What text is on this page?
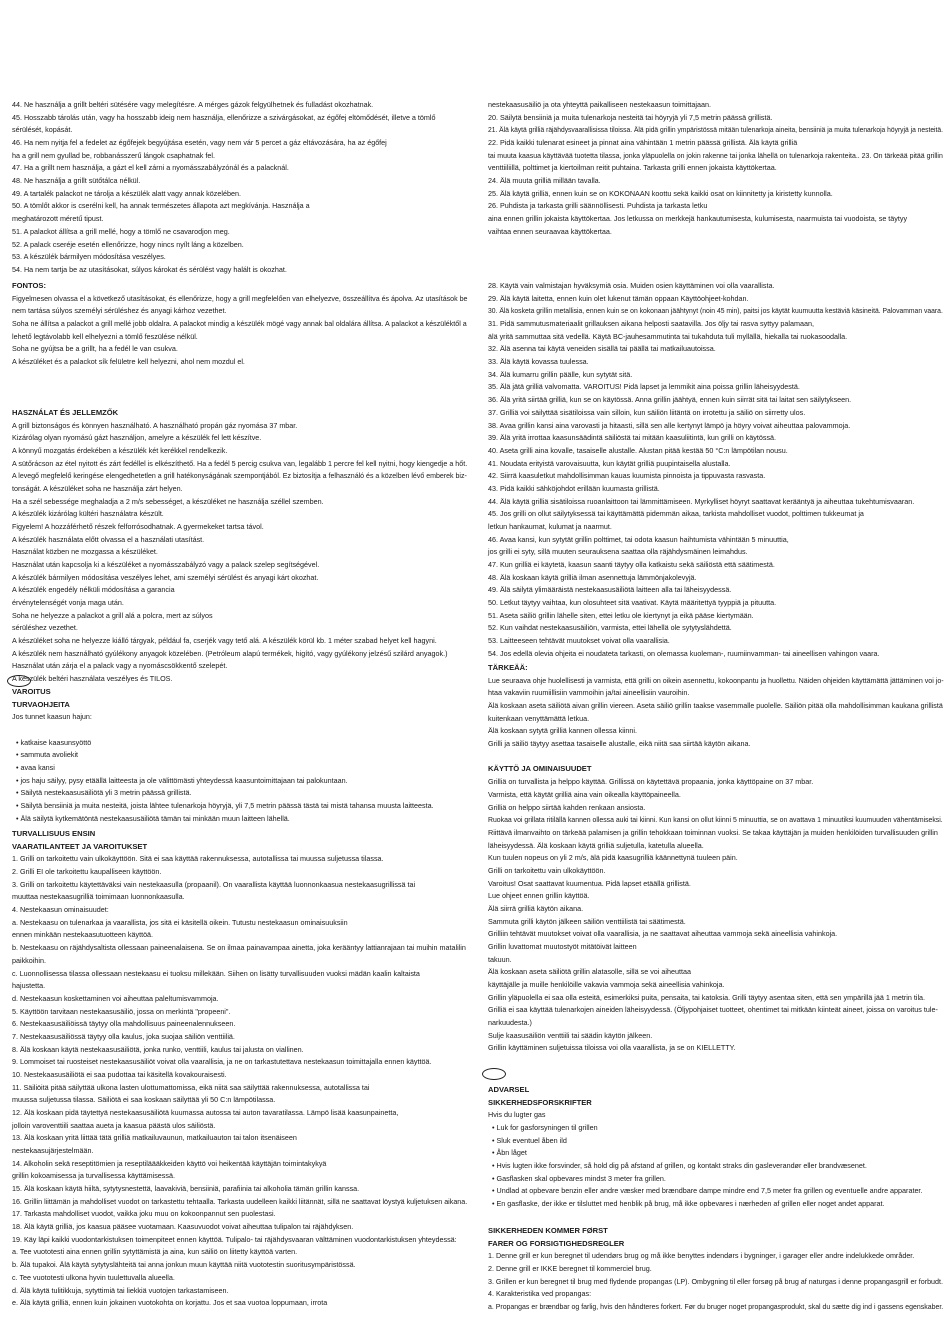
44. Ne használja a grillt beltéri sütésére vagy melegítésre. A mérges gázok felgyülhetnek és fulladást okozhatnak.
45. Hosszabb tárolás után, vagy ha hosszabb ideig nem használja, ellenőrizze a szivárgásokat, az égőfej eltömődését, illetve a tömlő
sérülését, kopását.
46. Ha nem nyitja fel a fedelet az égőfejek begyújtása esetén, vagy nem vár 5 percet a gáz eltávozására, ha az égőfej
ha a grill nem gyullad be, robbanásszerű lángok csaphatnak fel.
47. Ha a grillt nem használja, a gázt el kell zárni a nyomásszabályzónál és a palacknál.
48. Ne használja a grillt sütőtálca nélkül.
49. A tartalék palackot ne tárolja a készülék alatt vagy annak közelében.
50. A tömlőt akkor is cserélni kell, ha annak természetes állapota azt megkívánja. Használja a
meghatározott méretű tipust.
51. A palackot állítsa a grill mellé, hogy a tömlő ne csavarodjon meg.
52. A palack cseréje esetén ellenőrizze, hogy nincs nyílt láng a közelben.
53. A készülék bármilyen módosítása veszélyes.
54. Ha nem tartja be az utasításokat, súlyos károkat és sérülést vagy halált is okozhat.
FONTOS:
Figyelmesen olvassa el a következő utasításokat, és ellenőrizze, hogy a grill megfelelően van elhelyezve, összeállítva és ápolva. Az utasítások be
nem tartása súlyos személyi sérüléshez és anyagi kárhoz vezethet.
Soha ne állítsa a palackot a grill mellé jobb oldalra. A palackot mindig a készülék mögé vagy annak bal oldalára állítsa. A palackot a készüléktől a
lehető legtávolabb kell elhelyezni a tömlő feszülése nélkül.
Soha ne gyújtsa be a grillt, ha a fedél le van csukva.
A készüléket és a palackot sík felületre kell helyezni, ahol nem mozdul el.
HASZNÁLAT ÉS JELLEMZŐK
A grill biztonságos és könnyen használható. A használható propán gáz nyomása 37 mbar.
Kizárólag olyan nyomású gázt használjon, amelyre a készülék fel lett készítve.
A könnyű mozgatás érdekében a készülék két kerékkel rendelkezik.
A sütőrácson az étel nyitott és zárt fedéllel is elkészíthető. Ha a fedél 5 percig csukva van, legalább 1 percre fel kell nyitni, hogy kiengedje a hőt.
A levegő megfelelő keringése elengedhetetlen a grill hatékonyságának szempontjából. Ez biztosítja a felhasználó és a közelben lévő emberek biz-
tonságát. A készüléket soha ne használja zárt helyen.
Ha a szél sebessége meghaladja a 2 m/s sebességet, a készüléket ne használja széllel szemben.
A készülék kizárólag kültéri használatra készült.
Figyelem! A hozzáférhető részek felforrósodhatnak. A gyermekeket tartsa távol.
A készülék használata előtt olvassa el a használati utasítást.
Használat közben ne mozgassa a készüléket.
Használat után kapcsolja ki a készüléket a nyomásszabályzó vagy a palack szelep segítségével.
A készülék bármilyen módosítása veszélyes lehet, ami személyi sérülést és anyagi kárt okozhat.
A készülék engedély nélküli módosítása a garancia
érvénytelenségét vonja maga után.
Soha ne helyezze a palackot a grill alá a polcra, mert az súlyos
sérüléshez vezethet.
A készüléket soha ne helyezze kiálló tárgyak, például fa, cserjék vagy tető alá. A készülék körül kb. 1 méter szabad helyet kell hagyni.
A készülék nem használható gyúlékony anyagok közelében. (Petróleum alapú termékek, higító, vagy gyúlékony jelzésű szilárd anyagok.)
Használat után zárja el a palack vagy a nyomáscsökkentő szelepét.
A készülék beltéri használata veszélyes és TILOS.
VAROITUS
TURVAOHJEITA
Jos tunnet kaasun hajun:
• katkaise kaasunsyöttö
• sammuta avoliekit
• avaa kansi
• jos haju säilyy, pysy etäällä laitteesta ja ole välittömästi yhteydessä kaasuntoimittajaan tai palokuntaan.
• Säilytä nestekaasusäiliötä yli 3 metrin päässä grillistä.
• Säilytä bensiiniä ja muita nesteitä, joista lähtee tulenarkoja höyryjä, yli 7,5 metrin päässä tästä tai mistä tahansa muusta laitteesta.
• Älä säilytä kytkemätöntä nestekaasusäiliötä tämän tai minkään muun laitteen lähellä.
TURVALLISUUS ENSIN
VAARATILANTEET JA VAROITUKSET
1. Grilli on tarkoitettu vain ulkokäyttöön. Sitä ei saa käyttää rakennuksessa, autotallissa tai muussa suljetussa tilassa.
2. Grilli EI ole tarkoitettu kaupalliseen käyttöön.
3. Grilli on tarkoitettu käytettäväksi vain nestekaasulla (propaanil). On vaarallista käyttää luonnonkaasua nestekaasugrillissä tai
muuttaa nestekaasugrilliä toimimaan luonnonkaasulla.
4. Nestekaasun ominaisuudet:
a. Nestekaasu on tulenarkaa ja vaarallista, jos sitä ei käsitellä oikein. Tutustu nestekaasun ominaisuuksiin
ennen minkään nestekaasutuotteen käyttöä.
b. Nestekaasu on räjähdysaltista ollessaan paineenalaisena. Se on ilmaa painavampaa ainetta, joka kerääntyy lattianrajaan tai muihin matalilin
paikkoihin.
c. Luonnollisessa tilassa ollessaan nestekaasu ei tuoksu millekään. Siihen on lisätty turvallisuuden vuoksi mädän kaalin kaltaista
hajustetta.
d. Nestekaasun koskettaminen voi aiheuttaa paleltumisvammoja.
5. Käyttöön tarvitaan nestekaasusäiliö, jossa on merkintä "propeeni".
6. Nestekaasusäiliöissä täytyy olla mahdollisuus paineenalennukseen.
7. Nestekaasusäiliössä täytyy olla kaulus, joka suojaa säiliön venttiiliä.
8. Älä koskaan käytä nestekaasusäiliötä, jonka runko, venttiili, kaulus tai jalusta on viallinen.
9. Lommoiset tai ruosteiset nestekaasusäiliöt voivat olla vaarallisia, ja ne on tarkastutettava nestekaasun toimittajalla ennen käyttöä.
10. Nestekaasusäiliötä ei saa pudottaa tai käsitellä kovakouraisesti.
11. Säiliöitä pitää säilyttää ulkona lasten ulottumattomissa, eikä niitä saa säilyttää rakennuksessa, autotallissa tai
muussa suljetussa tilassa. Säiliötä ei saa koskaan säilyttää yli 50 C:n lämpötilassa.
12. Älä koskaan pidä täytettyä nestekaasusäiliötä kuumassa autossa tai auton tavaratilassa. Lämpö lisää kaasunpainetta,
jolloin varoventtiili saattaa aueta ja kaasua päästä ulos säiliöstä.
13. Älä koskaan yritä liittää tätä grilliä matkailuvaunun, matkailuauton tai talon itsenäiseen
nestekaasujärjestelmään.
14. Alkoholin sekä reseptitömien ja reseptiläääkkeiden käyttö voi heikentää käyttäjän toimintakykyä
grillin kokoamisessa ja turvallisessa käyttämisessä.
15. Älä koskaan käytä hiiltä, sytytysnestettä, laavakiviä, bensiiniä, parafiinia tai alkoholia tämän grillin kanssa.
16. Grillin liittämän ja mahdolliset vuodot on tarkastettu tehtaalla. Tarkasta uudelleen kaikki liitännät, sillä ne saattavat löystyä kuljetuksen aikana.
17. Tarkasta mahdolliset vuodot, vaikka joku muu on kokoonpannut sen puolestasi.
18. Älä käytä grilliä, jos kaasua pääsee vuotamaan. Kaasuvuodot voivat aiheuttaa tulipalon tai räjähdyksen.
19. Käy läpi kaikki vuodontarkistuksen toimenpiteet ennen käyttöä. Tulipalo- tai räjähdysvaaran välttäminen vuodontarkistuksen yhteydessä:
a. Tee vuototesti aina ennen grillin sytyttämistä ja aina, kun säiliö on liitetty käyttöä varten.
b. Älä tupakoi. Älä käytä sytytyslähteitä tai anna jonkun muun käyttää niitä vuototestin suoritusympäristössä.
c. Tee vuototesti ulkona hyvin tuulettuvalla alueella.
d. Älä käytä tulitikkuja, sytyttimiä tai liekkiä vuotojen tarkastamiseen.
e. Älä käytä grilliä, ennen kuin jokainen vuotokohta on korjattu. Jos et saa vuotoa loppumaan, irrota
nestekaasusäiliö ja ota yhteyttä paikalliseen nestekaasun toimittajaan.
20. Säilytä bensiiniä ja muita tulenarkoja nesteitä tai höyryjä yli 7,5 metrin päässä grillistä.
21. Älä käytä grilliä räjähdysvaarallisissa tiloissa. Älä pidä grillin ympäristössä mitään tulenarkoja aineita, bensiiniä ja muita tulenarkoja höyryjä ja nesteitä.
22. Pidä kaikki tulenarat esineet ja pinnat aina vähintään 1 metrin päässä grillistä. Älä käytä grilliä
tai muuta kaasua käyttävää tuotetta tilassa, jonka yläpuolella on jokin rakenne tai jonka lähellä on tulenarkoja rakenteita.. 23. On tärkeää pitää grillin
venttiiliillä, polttimet ja kiertoilman reitit puhtaina. Tarkasta grilli ennen jokaista käyttökertaa.
24. Älä muuta grilliä millään tavalla.
25. Älä käytä grilliä, ennen kuin se on KOKONAAN koottu sekä kaikki osat on kiinnitetty ja kiristetty kunnolla.
26. Puhdista ja tarkasta grilli säännöllisesti. Puhdista ja tarkasta letku
aina ennen grillin jokaista käyttökertaa. Jos letkussa on merkkejä hankautumisesta, kulumisesta, naarmuista tai vuodoista, se täytyy
vaihtaa ennen seuraavaa käyttökertaa.
28. Käytä vain valmistajan hyväksymiä osia. Muiden osien käyttäminen voi olla vaarallista.
29. Älä käytä laitetta, ennen kuin olet lukenut tämän oppaan Käyttöohjeet-kohdan.
30. Älä kosketa grillin metallisia, ennen kuin se on kokonaan jäähtynyt (noin 45 min), paitsi jos käytät kuumuutta kestäviä käsineitä. Palovamman vaara.
31. Pidä sammutusmateriaalit grillauksen aikana helposti saatavilla. Jos öljy tai rasva syttyy palamaan,
älä yritä sammuttaa sitä vedellä. Käytä BC-jauhesammutinta tai tukahduta tuli myllällä, hiekalla tai ruokasoodalla.
32. Älä asenna tai käytä veneiden sisällä tai päällä tai matkailuautoissa.
33. Älä käytä kovassa tuulessa.
34. Älä kumarru grillin päälle, kun sytytät sitä.
35. Älä jätä grilliä valvomatta. VAROITUS! Pidä lapset ja lemmikit aina poissa grillin läheisyydestä.
36. Älä yritä siirtää grilliä, kun se on käytössä. Anna grillin jäähtyä, ennen kuin siirrät sitä tai laitat sen säilytykseen.
37. Grilliä voi säilyttää sisätiloissa vain silloin, kun säiliön liitäntä on irrotettu ja säiliö on siirretty ulos.
38. Avaa grillin kansi aina varovasti ja hitaasti, sillä sen alle kertynyt lämpö ja höyry voivat aiheuttaa palovammoja.
39. Älä yritä irrottaa kaasunsäädintä säiliöstä tai mitään kaasuliitintä, kun grilli on käytössä.
40. Aseta grilli aina kovalle, tasaiselle alustalle. Alustan pitää kestää 50 °C:n lämpötilan nousu.
41. Noudata erityistä varovaisuutta, kun käytät grilliä puupintaisella alustalla.
42. Siirrä kaasuletkut mahdollisimman kauas kuumista pinnoista ja tippuvasta rasvasta.
43. Pidä kaikki sähköjohdot erillään kuumasta grillistä.
44. Älä käytä grilliä sisätiloissa ruoanlaittoon tai lämmittämiseen. Myrkylliset höyryt saattavat kerääntyä ja aiheuttaa tukehtumisvaaran.
45. Jos grilli on ollut säilytyksessä tai käyttämättä pidemmän aikaa, tarkista mahdolliset vuodot, polttimen tukkeumat ja
letkun hankaumat, kulumat ja naarmut.
46. Avaa kansi, kun sytytät grillin polttimet, tai odota kaasun haihtumista vähintään 5 minuuttia,
jos grilli ei syty, sillä muuten seurauksena saattaa olla räjähdysmäinen leimahdus.
47. Kun grilliä ei käytetä, kaasun saanti täytyy olla katkaistu sekä säiliöstä että säätimestä.
48. Älä koskaan käytä grilliä ilman asennettuja lämmönjakolevyjä.
49. Älä säilytä ylimääräistä nestekaasusäiliötä laitteen alla tai läheisyydessä.
50. Letkut täytyy vaihtaa, kun olosuhteet sitä vaativat. Käytä määritettyä tyyppiä ja pituutta.
51. Aseta säiliö grillin lähelle siten, ettei letku ole kiertynyt ja eikä pääse kiertymään.
52. Kun vaihdat nestekaasusäiliön, varmista, ettei lähellä ole sytytyslähdettä.
53. Laitteeseen tehtävät muutokset voivat olla vaarallisia.
54. Jos edellä olevia ohjeita ei noudateta tarkasti, on olemassa kuoleman-, ruumiinvamman- tai aineellisen vahingon vaara.
TÄRKEÄÄ:
Lue seuraava ohje huolellisesti ja varmista, että grilli on oikein asennettu, kokoonpantu ja huollettu. Näiden ohjeiden käyttämättä jättäminen voi jo-
htaa vakaviin ruumiillisiin vammoihin ja/tai aineellisiin vauroihin.
Älä koskaan aseta säiliötä aivan grillin viereen. Aseta säiliö grillin taakse vasemmalle puolelle. Säiliön pitää olla mahdollisimman kaukana grillistä
kuitenkaan venyttämättä letkua.
Älä koskaan sytytä grilliä kannen ollessa kiinni.
Grilli ja säiliö täytyy asettaa tasaiselle alustalle, eikä niitä saa siirtää käytön aikana.
KÄYTTÖ JA OMINAISUUDET
Grilliä on turvallista ja helppo käyttää. Grillissä on käytettävä propaania, jonka käyttöpaine on 37 mbar.
Varmista, että käytät grilliä aina vain oikealla käyttöpaineella.
Grilliä on helppo siirtää kahden renkaan ansiosta.
Ruokaa voi grillata ritilällä kannen ollessa auki tai kiinni. Kun kansi on ollut kiinni 5 minuuttia, se on avattava 1 minuutiksi kuumuuden vähentämiseksi.
Riittävä ilmanvaihto on tärkeää palamisen ja grillin tehokkaan toiminnan vuoksi. Se takaa käyttäjän ja muiden henkilöiden turvallisuuden grillin
läheisyydessä. Älä koskaan käytä grilliä suljetulla, katetulla alueella.
Kun tuulen nopeus on yli 2 m/s, älä pidä kaasugrilliä käännettynä tuuleen päin.
Grilli on tarkoitettu vain ulkokäyttöön.
Varoitus! Osat saattavat kuumentua. Pidä lapset etäällä grillistä.
Lue ohjeet ennen grillin käyttöä.
Älä siirrä grilliä käytön aikana.
Sammuta grilli käytön jälkeen säiliön venttiilistä tai säätimestä.
Grilliin tehtävät muutokset voivat olla vaarallisia, ja ne saattavat aiheuttaa vammoja sekä aineellisia vahinkoja.
Grillin luvattomat muutostyöt mitätöivät laitteen
takuun.
Älä koskaan aseta säiliötä grillin alatasolle, sillä se voi aiheuttaa
käyttäjälle ja muille henkilöille vakavia vammoja sekä aineellisia vahinkoja.
Grillin yläpuolella ei saa olla esteitä, esimerkiksi puita, pensaita, tai katoksia. Grilli täytyy asentaa siten, että sen ympärillä jää 1 metrin tila.
Grilliä ei saa käyttää tulenarkojen aineiden läheisyydessä. (Öljypohjaiset tuotteet, ohentimet tai mitkään kiinteät aineet, joissa on varoitus tule-
narkuudesta.)
Sulje kaasusäiliön venttiili tai säädin käytön jälkeen.
Grillin käyttäminen suljetuissa tiloissa voi olla vaarallista, ja se on KIELLETTY.
ADVARSEL
SIKKERHEDSFORSKRIFTER
Hvis du lugter gas
• Luk for gasforsyningen til grillen
• Sluk eventuel åben ild
• Åbn låget
• Hvis lugten ikke forsvinder, så hold dig på afstand af grillen, og kontakt straks din gasleverandør eller brandvæsenet.
• Gasflasken skal opbevares mindst 3 meter fra grillen.
• Undlad at opbevare benzin eller andre væsker med brændbare dampe mindre end 7,5 meter fra grillen og eventuelle andre apparater.
• En gasflaske, der ikke er tilsluttet med henblik på brug, må ikke opbevares i nærheden af grillen eller noget andet apparat.
SIKKERHEDEN KOMMER FØRST
FARER OG FORSIGTIGHEDSREGLER
1. Denne grill er kun beregnet til udendørs brug og må ikke benyttes indendørs i bygninger, i garager eller andre indelukkede områder.
2. Denne grill er IKKE beregnet til kommerciel brug.
3. Grillen er kun beregnet til brug med flydende propangas (LP). Ombygning til eller forsøg på brug af naturgas i denne propangasgrill er forbudt.
4. Karakteristika ved propangas:
a. Propangas er brændbar og farlig, hvis den håndteres forkert. Før du bruger noget propangasprodukt, skal du sætte dig ind i gassens egenskaber.
